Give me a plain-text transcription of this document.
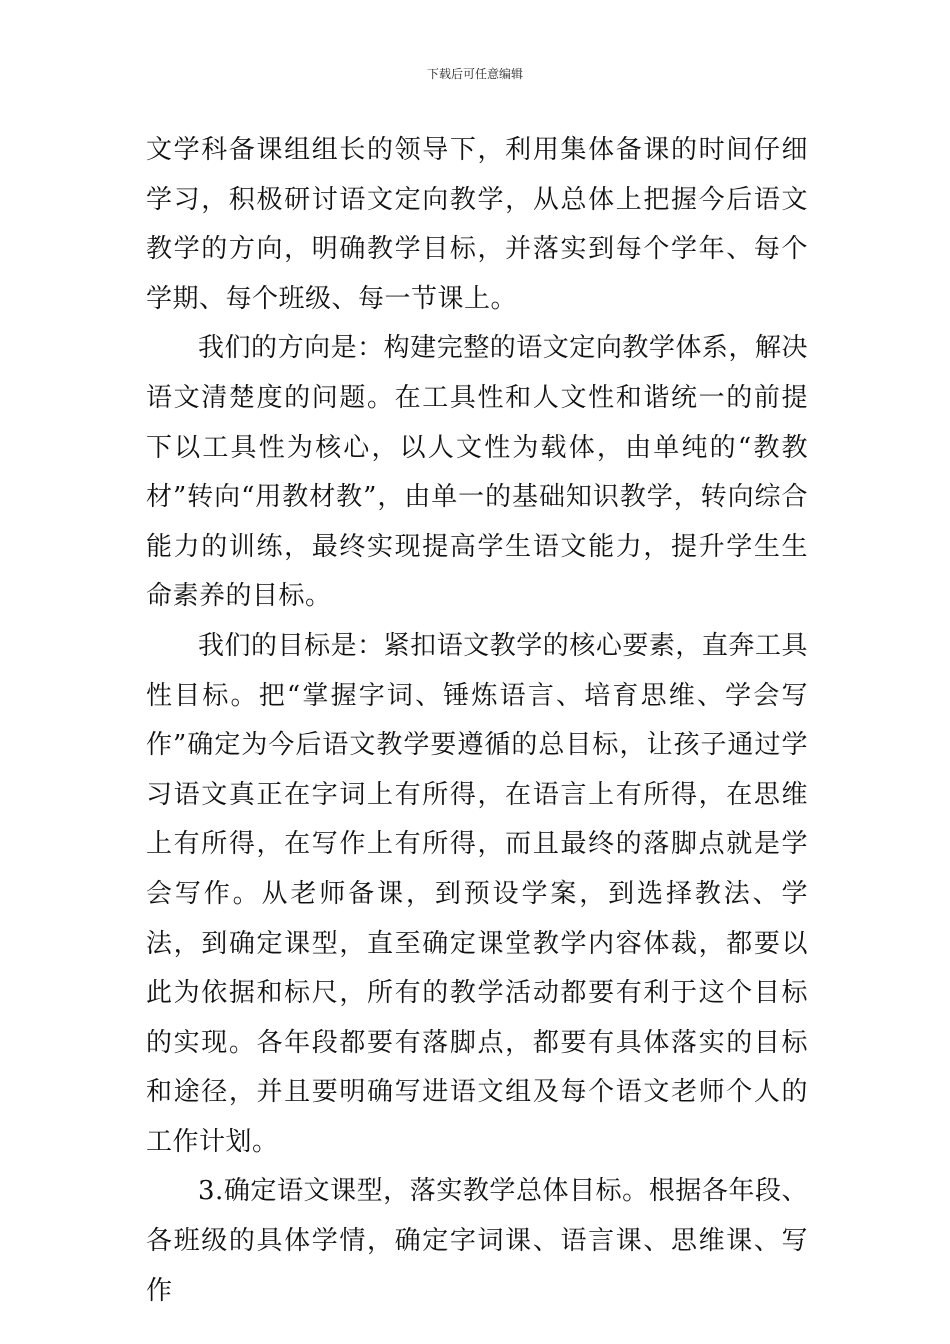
下载后可任意编辑

文学科备课组组长的领导下，利用集体备课的时间仔细学习，积极研讨语文定向教学，从总体上把握今后语文教学的方向，明确教学目标，并落实到每个学年、每个学期、每个班级、每一节课上。

我们的方向是：构建完整的语文定向教学体系，解决语文清楚度的问题。在工具性和人文性和谐统一的前提下以工具性为核心，以人文性为载体，由单纯的“教教材”转向“用教材教”，由单一的基础知识教学，转向综合能力的训练，最终实现提高学生语文能力，提升学生生命素养的目标。

我们的目标是：紧扣语文教学的核心要素，直奔工具性目标。把“掌握字词、锤炼语言、培育思维、学会写作”确定为今后语文教学要遵循的总目标，让孩子通过学习语文真正在字词上有所得，在语言上有所得，在思维上有所得，在写作上有所得，而且最终的落脚点就是学会写作。从老师备课，到预设学案，到选择教法、学法，到确定课型，直至确定课堂教学内容体裁，都要以此为依据和标尺，所有的教学活动都要有利于这个目标的实现。各年段都要有落脚点，都要有具体落实的目标和途径，并且要明确写进语文组及每个语文老师个人的工作计划。

3.确定语文课型，落实教学总体目标。根据各年段、各班级的具体学情，确定字词课、语言课、思维课、写作
